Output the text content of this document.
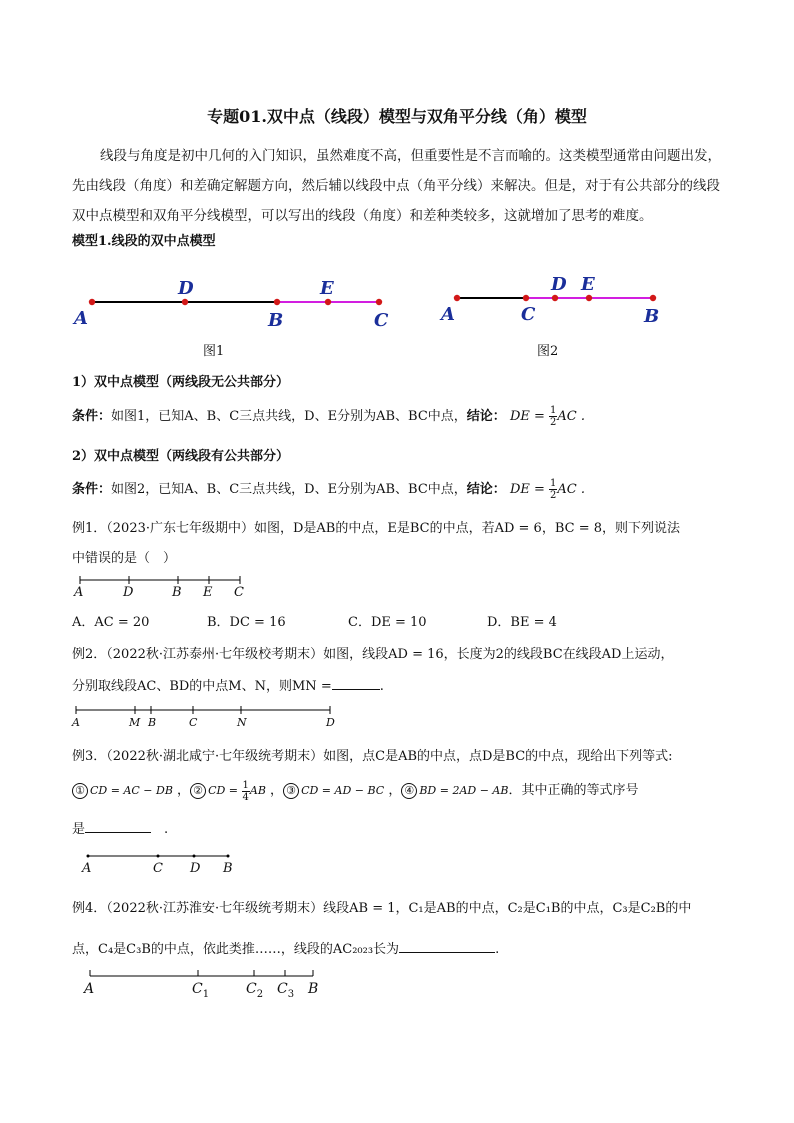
专题01.双中点（线段）模型与双角平分线（角）模型
线段与角度是初中几何的入门知识，虽然难度不高，但重要性是不言而喻的。这类模型通常由问题出发，先由线段（角度）和差确定解题方向，然后辅以线段中点（角平分线）来解决。但是，对于有公共部分的线段双中点模型和双角平分线模型，可以写出的线段（角度）和差种类较多，这就增加了思考的难度。
模型1.线段的双中点模型
A
D
B
E
C	A	C
D E
B
图1	图2
1）双中点模型（两线段无公共部分）
条件：如图1，已知A、B、C三点共线，D、E分别为AB、BC中点，结论： DE = $\frac{1}{2}$ AC .
2）双中点模型（两线段有公共部分）
条件：如图2，已知A、B、C三点共线，D、E分别为AB、BC中点，结论： DE = $\frac{1}{2}$ AC .
例1．（2023·广东七年级期中）如图，D是AB的中点，E是BC的中点，若AD = 6，BC = 8，则下列说法
中错误的是（　）
A	D	B E C
A．AC = 20	B．DC = 16	C．DE = 10	D．BE = 4
例2．（2022秋·江苏泰州·七年级校考期末）如图，线段AD = 16，长度为2的线段BC在线段AD上运动，
分别取线段AC、BD的中点M、N，则MN =	.
A	M B	C	N	D
例3．（2022秋·湖北咸宁·七年级统考期末）如图，点C是AB的中点，点D是BC的中点，现给出下列等式:
① CD = AC − DB ， ② CD = $\frac{1}{4}$ AB ， ③ CD = AD − BC ， ④ BD = 2AD − AB．其中正确的等式序号
是	　.
A	C D B
例4．（2022秋·江苏淮安·七年级统考期末）线段AB = 1，C₁是AB的中点，C₂是C₁B的中点，C₃是C₂B的中
点，C₄是C₃B的中点，依此类推……，线段的AC₂₀₂₃长为	.
A	$C_1$	$C_2$ $C_3$ B
